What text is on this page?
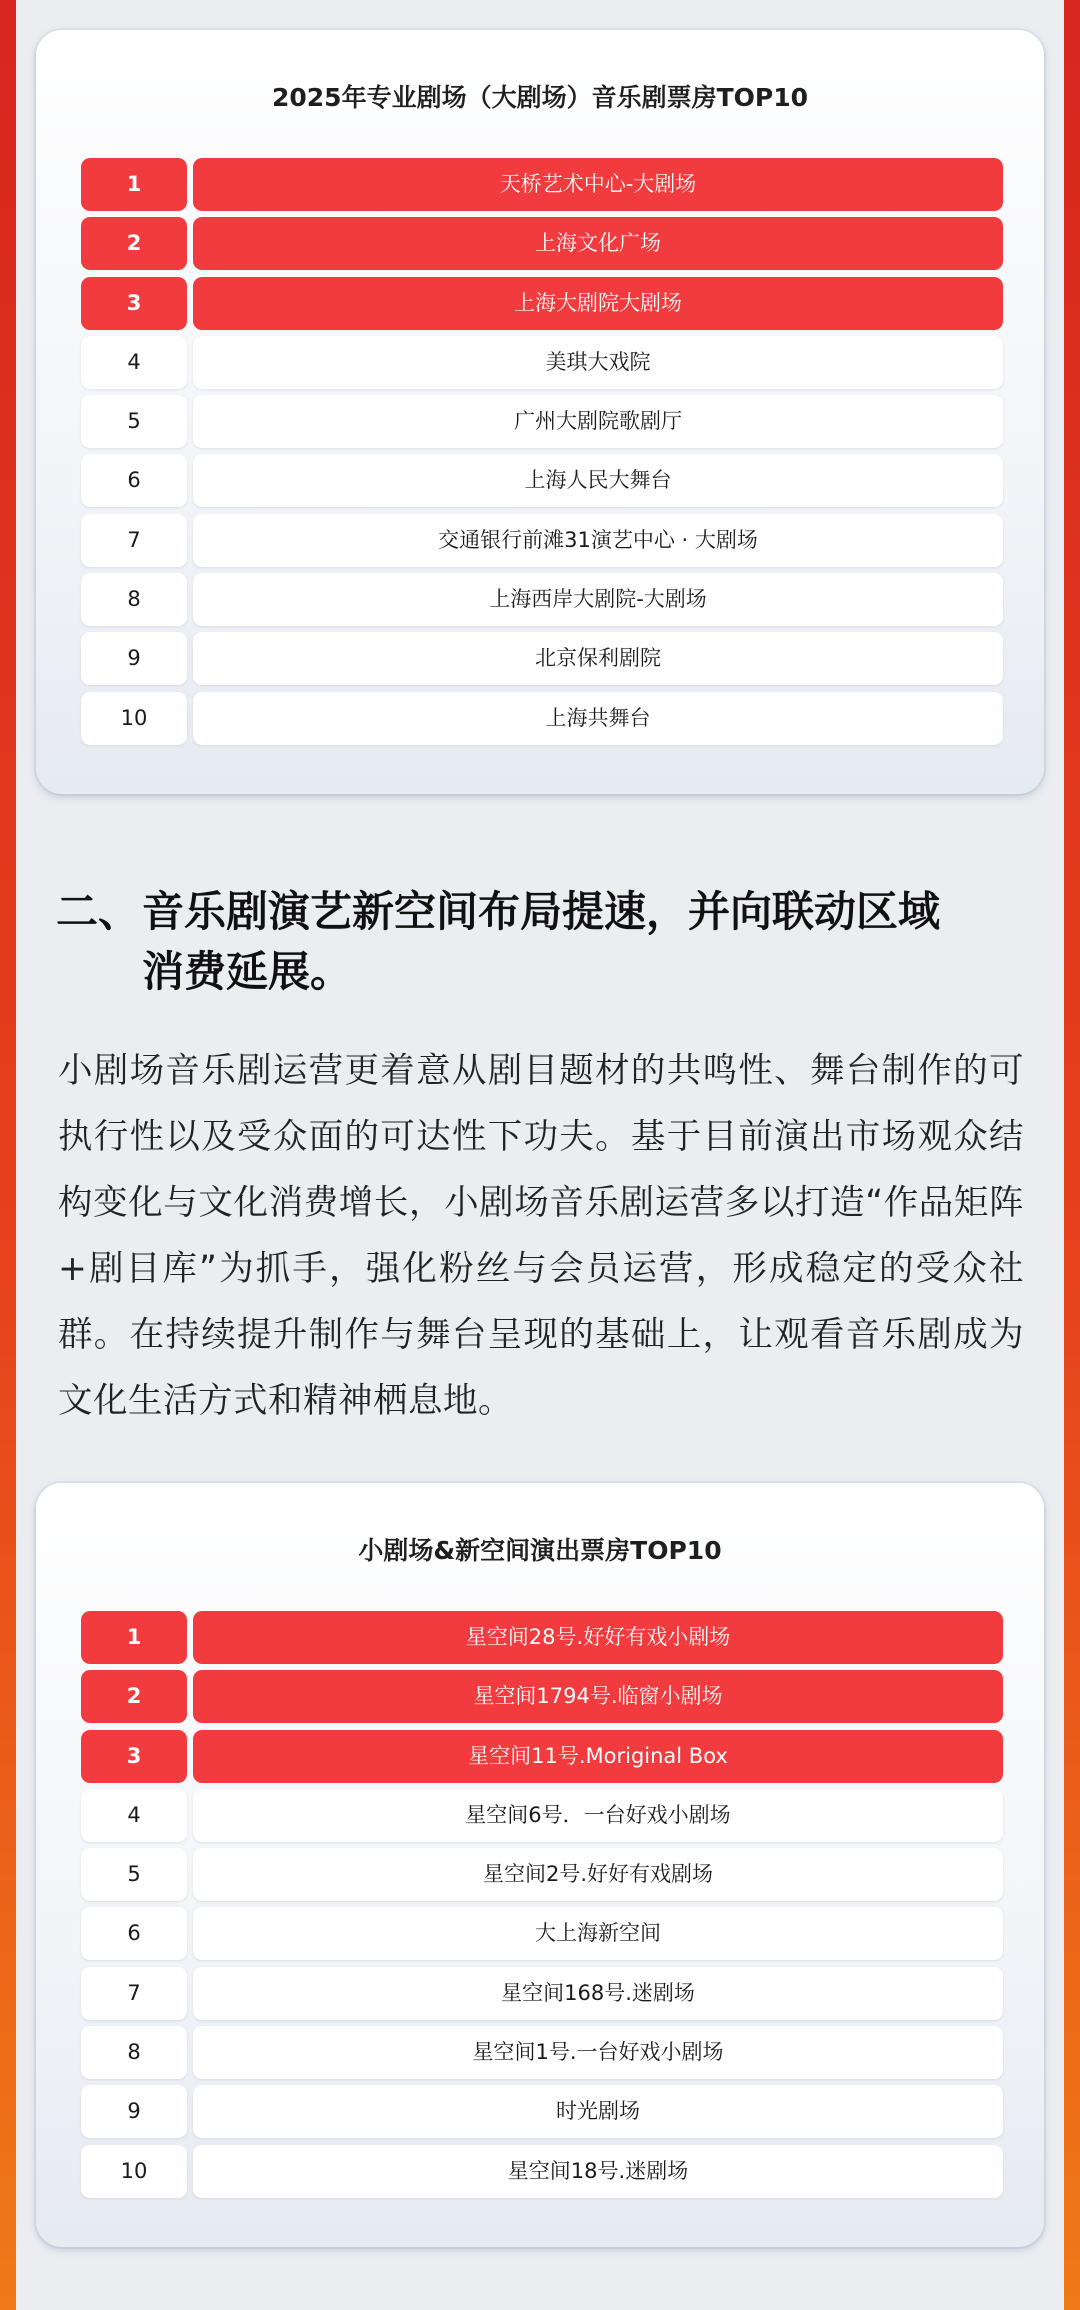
2025年专业剧场（大剧场）音乐剧票房TOP10
1	天桥艺术中心-大剧场
2	上海文化广场
3	上海大剧院大剧场
4	美琪大戏院
5	广州大剧院歌剧厅
6	上海人民大舞台
7	交通银行前滩31演艺中心 · 大剧场
8	上海西岸大剧院-大剧场
9	北京保利剧院
10	上海共舞台
二、音乐剧演艺新空间布局提速，并向联动区域
消费延展。

小剧场音乐剧运营更着意从剧目题材的共鸣性、舞台制作的可执行性以及受众面的可达性下功夫。基于目前演出市场观众结构变化与文化消费增长，小剧场音乐剧运营多以打造“作品矩阵+剧目库”为抓手，强化粉丝与会员运营，形成稳定的受众社群。在持续提升制作与舞台呈现的基础上，让观看音乐剧成为文化生活方式和精神栖息地。

小剧场&新空间演出票房TOP10
1	星空间28号.好好有戏小剧场
2	星空间1794号.临窗小剧场
3	星空间11号.Moriginal Box
4	星空间6号．一台好戏小剧场
5	星空间2号.好好有戏剧场
6	大上海新空间
7	星空间168号.迷剧场
8	星空间1号.一台好戏小剧场
9	时光剧场
10	星空间18号.迷剧场
